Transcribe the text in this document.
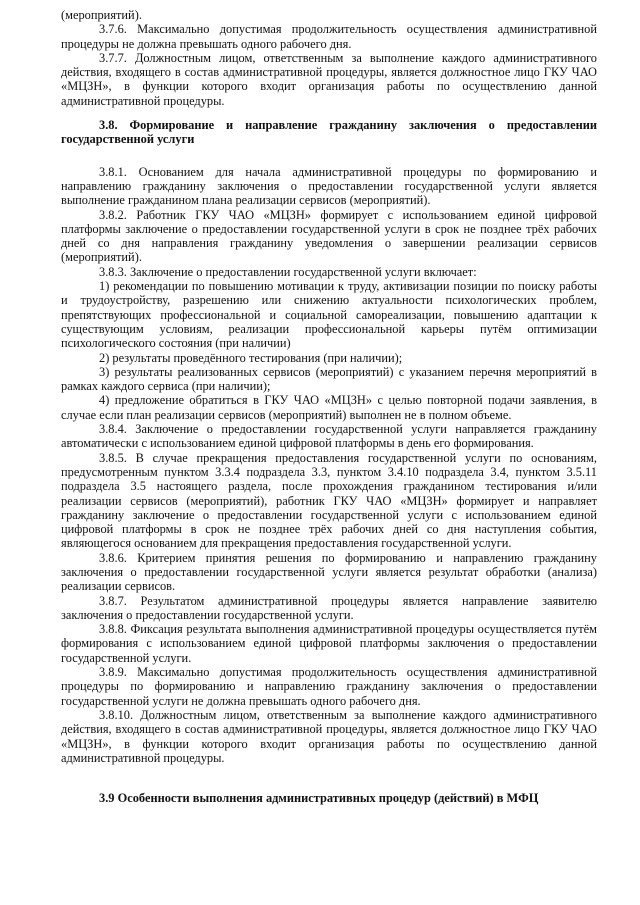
(мероприятий).

3.7.6. Максимально допустимая продолжительность осуществления административной процедуры не должна превышать одного рабочего дня.

3.7.7. Должностным лицом, ответственным за выполнение каждого административного действия, входящего в состав административной процедуры, является должностное лицо ГКУ ЧАО «МЦЗН», в функции которого входит организация работы по осуществлению данной административной процедуры.

3.8. Формирование и направление гражданину заключения о предоставлении государственной услуги

3.8.1. Основанием для начала административной процедуры по формированию и направлению гражданину заключения о предоставлении государственной услуги является выполнение гражданином плана реализации сервисов (мероприятий).

3.8.2. Работник ГКУ ЧАО «МЦЗН» формирует с использованием единой цифровой платформы заключение о предоставлении государственной услуги в срок не позднее трёх рабочих дней со дня направления гражданину уведомления о завершении реализации сервисов (мероприятий).

3.8.3. Заключение о предоставлении государственной услуги включает:

1) рекомендации по повышению мотивации к труду, активизации позиции по поиску работы и трудоустройству, разрешению или снижению актуальности психологических проблем, препятствующих профессиональной и социальной самореализации, повышению адаптации к существующим условиям, реализации профессиональной карьеры путём оптимизации психологического состояния (при наличии)

2) результаты проведённого тестирования (при наличии);

3) результаты реализованных сервисов (мероприятий) с указанием перечня мероприятий в рамках каждого сервиса (при наличии);

4) предложение обратиться в ГКУ ЧАО «МЦЗН» с целью повторной подачи заявления, в случае если план реализации сервисов (мероприятий) выполнен не в полном объеме.

3.8.4. Заключение о предоставлении государственной услуги направляется гражданину автоматически с использованием единой цифровой платформы в день его формирования.

3.8.5. В случае прекращения предоставления государственной услуги по основаниям, предусмотренным пунктом 3.3.4 подраздела 3.3, пунктом 3.4.10 подраздела 3.4, пунктом 3.5.11 подраздела 3.5 настоящего раздела, после прохождения гражданином тестирования и/или реализации сервисов (мероприятий), работник ГКУ ЧАО «МЦЗН» формирует и направляет гражданину заключение о предоставлении государственной услуги с использованием единой цифровой платформы в срок не позднее трёх рабочих дней со дня наступления события, являющегося основанием для прекращения предоставления государственной услуги.

3.8.6. Критерием принятия решения по формированию и направлению гражданину заключения о предоставлении государственной услуги является результат обработки (анализа) реализации сервисов.

3.8.7. Результатом административной процедуры является направление заявителю заключения о предоставлении государственной услуги.

3.8.8. Фиксация результата выполнения административной процедуры осуществляется путём формирования с использованием единой цифровой платформы заключения о предоставлении государственной услуги.

3.8.9. Максимально допустимая продолжительность осуществления административной процедуры по формированию и направлению гражданину заключения о предоставлении государственной услуги не должна превышать одного рабочего дня.

3.8.10. Должностным лицом, ответственным за выполнение каждого административного действия, входящего в состав административной процедуры, является должностное лицо ГКУ ЧАО «МЦЗН», в функции которого входит организация работы по осуществлению данной административной процедуры.

3.9 Особенности выполнения административных процедур (действий) в МФЦ
